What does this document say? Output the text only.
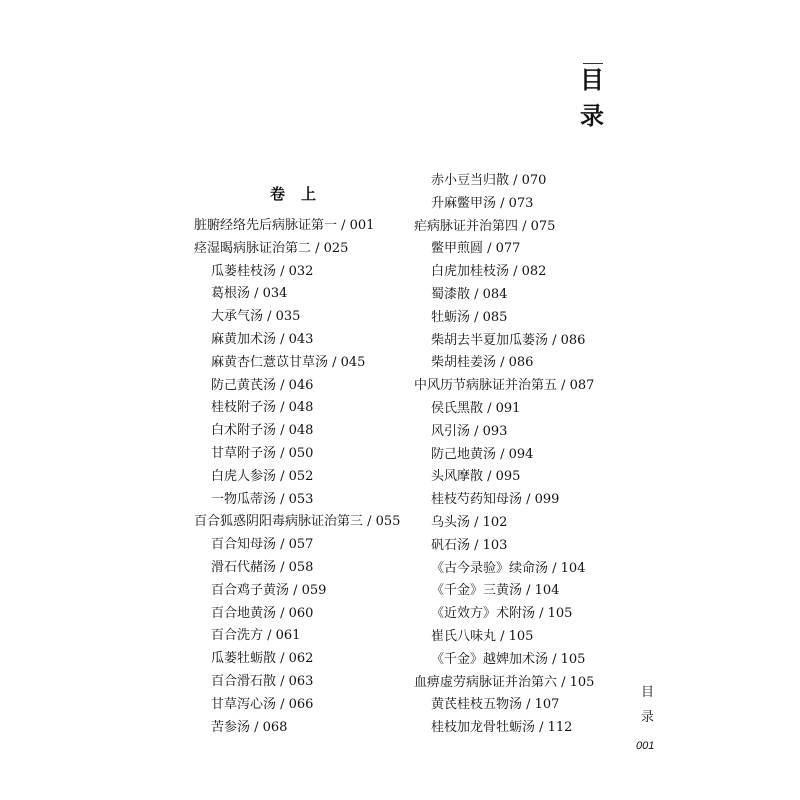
目
录
卷上
脏腑经络先后病脉证第一 / 001
痉湿暍病脉证治第二 / 025
瓜蒌桂枝汤 / 032
葛根汤 / 034
大承气汤 / 035
麻黄加术汤 / 043
麻黄杏仁薏苡甘草汤 / 045
防己黄芪汤 / 046
桂枝附子汤 / 048
白术附子汤 / 048
甘草附子汤 / 050
白虎人参汤 / 052
一物瓜蒂汤 / 053
百合狐惑阴阳毒病脉证治第三 / 055
百合知母汤 / 057
滑石代赭汤 / 058
百合鸡子黄汤 / 059
百合地黄汤 / 060
百合洗方 / 061
瓜蒌牡蛎散 / 062
百合滑石散 / 063
甘草泻心汤 / 066
苦参汤 / 068
赤小豆当归散 / 070
升麻鳖甲汤 / 073
疟病脉证并治第四 / 075
鳖甲煎圆 / 077
白虎加桂枝汤 / 082
蜀漆散 / 084
牡蛎汤 / 085
柴胡去半夏加瓜蒌汤 / 086
柴胡桂姜汤 / 086
中风历节病脉证并治第五 / 087
侯氏黑散 / 091
风引汤 / 093
防己地黄汤 / 094
头风摩散 / 095
桂枝芍药知母汤 / 099
乌头汤 / 102
矾石汤 / 103
《古今录验》续命汤 / 104
《千金》三黄汤 / 104
《近效方》术附汤 / 105
崔氏八味丸 / 105
《千金》越婢加术汤 / 105
血痹虚劳病脉证并治第六 / 105
黄芪桂枝五物汤 / 107
桂枝加龙骨牡蛎汤 / 112
目
录
001
